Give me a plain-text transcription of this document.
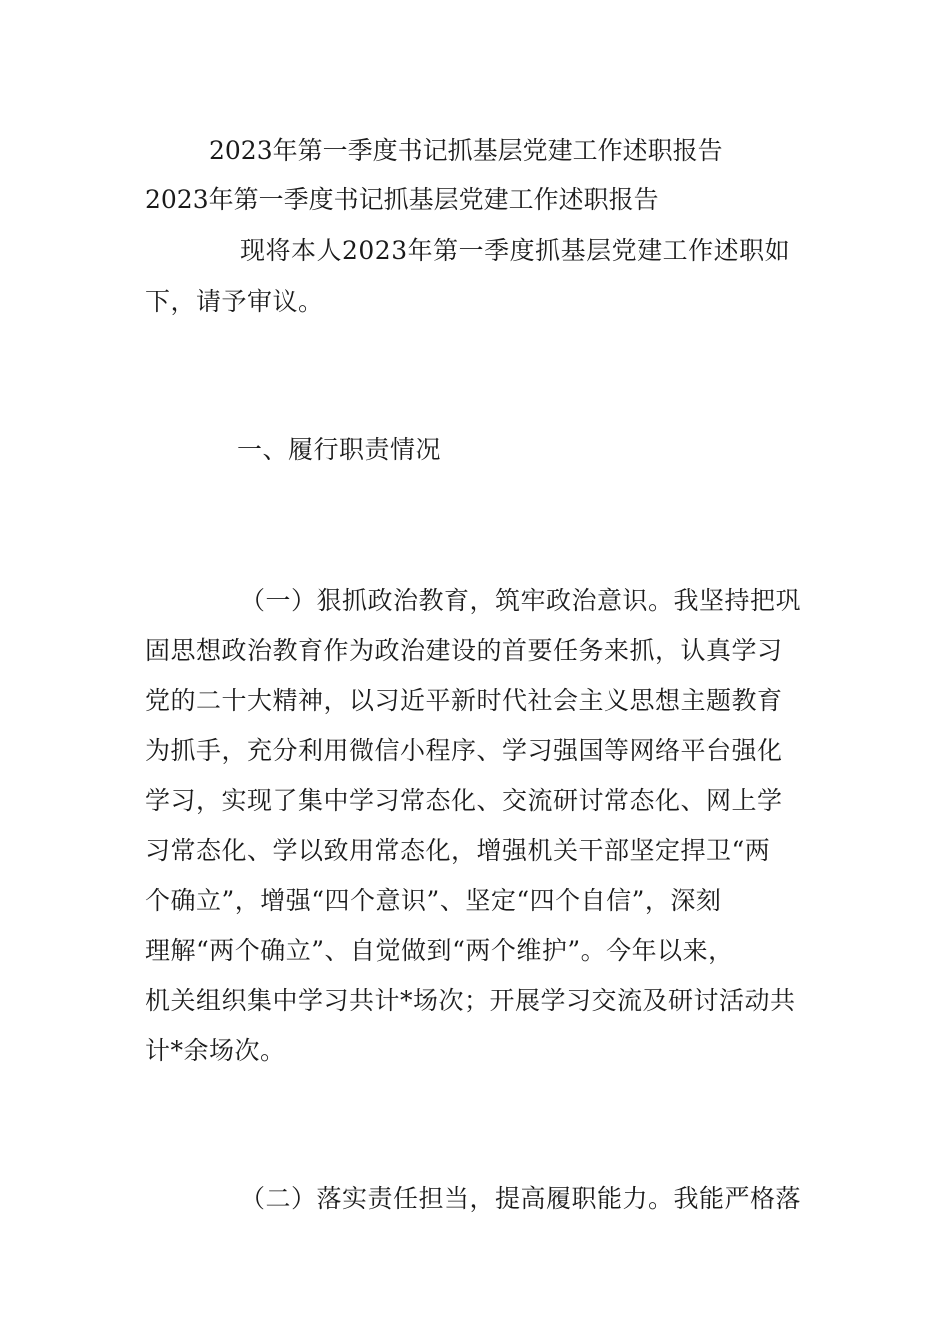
2023年第一季度书记抓基层党建工作述职报告
2023年第一季度书记抓基层党建工作述职报告
现将本人2023年第一季度抓基层党建工作述职如
下，请予审议。
一、履行职责情况
（一）狠抓政治教育，筑牢政治意识。我坚持把巩
固思想政治教育作为政治建设的首要任务来抓，认真学习
党的二十大精神，以习近平新时代社会主义思想主题教育
为抓手，充分利用微信小程序、学习强国等网络平台强化
学习，实现了集中学习常态化、交流研讨常态化、网上学
习常态化、学以致用常态化，增强机关干部坚定捍卫“两
个确立”，增强“四个意识”、坚定“四个自信”，深刻
理解“两个确立”、自觉做到“两个维护”。今年以来，
机关组织集中学习共计*场次；开展学习交流及研讨活动共
计*余场次。
（二）落实责任担当，提高履职能力。我能严格落
